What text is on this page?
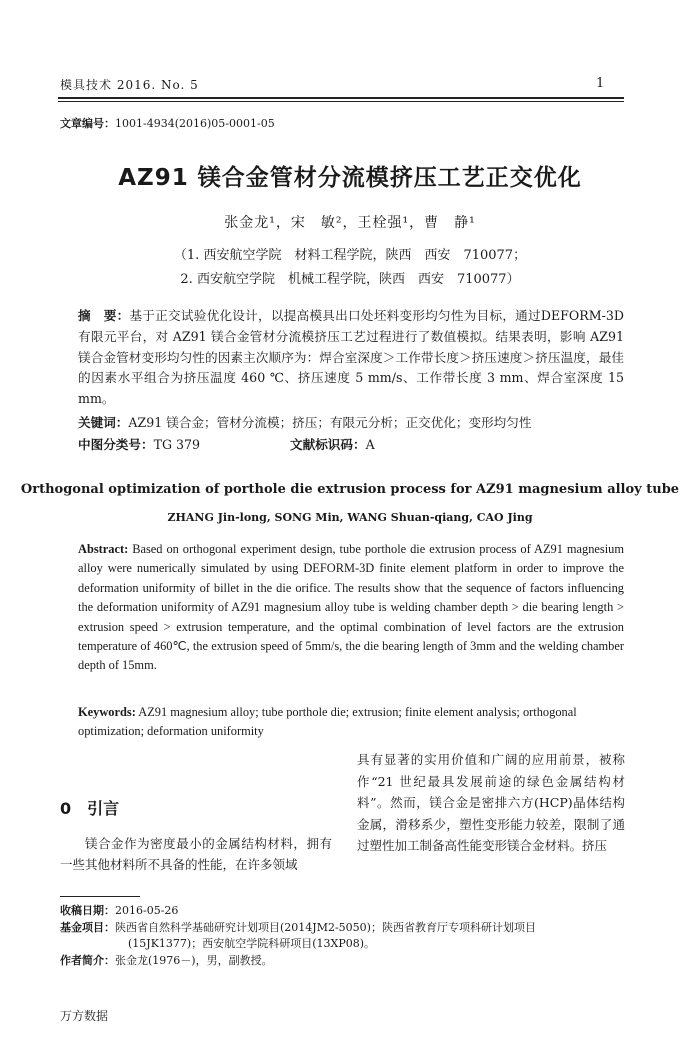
模具技术 2016. No. 5	1
文章编号：1001-4934(2016)05-0001-05
AZ91 镁合金管材分流模挤压工艺正交优化
张金龙¹，宋　敏²，王栓强¹，曹　静¹
（1. 西安航空学院　材料工程学院，陕西　西安　710077；
2. 西安航空学院　机械工程学院，陕西　西安　710077）
摘　要：基于正交试验优化设计，以提高模具出口处坯料变形均匀性为目标，通过DEFORM-3D 有限元平台，对 AZ91 镁合金管材分流模挤压工艺过程进行了数值模拟。结果表明，影响 AZ91 镁合金管材变形均匀性的因素主次顺序为：焊合室深度＞工作带长度＞挤压速度＞挤压温度，最佳的因素水平组合为挤压温度 460 ℃、挤压速度 5 mm/s、工作带长度 3 mm、焊合室深度 15 mm。
关键词：AZ91 镁合金；管材分流模；挤压；有限元分析；正交优化；变形均匀性
中图分类号：TG 379	文献标识码：A
Orthogonal optimization of porthole die extrusion process for AZ91 magnesium alloy tube
ZHANG Jin-long, SONG Min, WANG Shuan-qiang, CAO Jing
Abstract: Based on orthogonal experiment design, tube porthole die extrusion process of AZ91 magnesium alloy were numerically simulated by using DEFORM-3D finite element platform in order to improve the deformation uniformity of billet in the die orifice. The results show that the sequence of factors influencing the deformation uniformity of AZ91 magnesium alloy tube is welding chamber depth > die bearing length > extrusion speed > extrusion temperature, and the optimal combination of level factors are the extrusion temperature of 460℃, the extrusion speed of 5mm/s, the die bearing length of 3mm and the welding chamber depth of 15mm.
Keywords: AZ91 magnesium alloy; tube porthole die; extrusion; finite element analysis; orthogonal optimization; deformation uniformity
0　引言
镁合金作为密度最小的金属结构材料，拥有一些其他材料所不具备的性能，在许多领域
具有显著的实用价值和广阔的应用前景，被称作“21 世纪最具发展前途的绿色金属结构材料”。然而，镁合金是密排六方(HCP)晶体结构金属，滑移系少，塑性变形能力较差，限制了通过塑性加工制备高性能变形镁合金材料。挤压
收稿日期：2016-05-26
基金项目：陕西省自然科学基础研究计划项目(2014JM2-5050)；陕西省教育厅专项科研计划项目
(15JK1377)；西安航空学院科研项目(13XP08)。
作者简介：张金龙(1976－)，男，副教授。
万方数据
